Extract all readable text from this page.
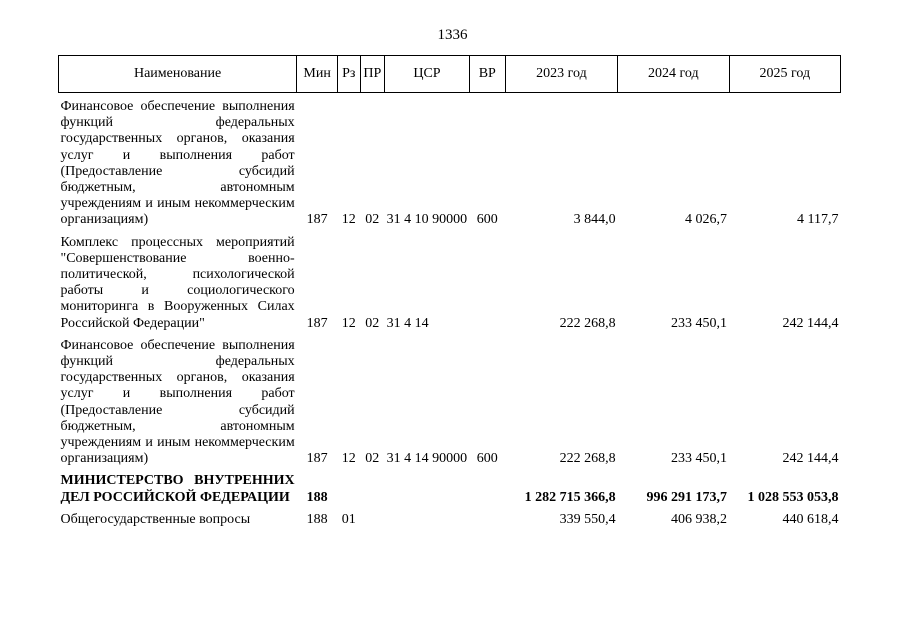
1336
Наименование	Мин	Рз	ПР	ЦСР	ВР	2023 год	2024 год	2025 год

Финансовое обеспечение выполнения функций федеральных государственных органов, оказания услуг и выполнения работ (Предоставление субсидий бюджетным, автономным учреждениям и иным некоммерческим организациям)	187	12	02	31 4 10 90000	600	3 844,0	4 026,7	4 117,7

Комплекс процессных мероприятий "Совершенствование военно-политической, психологической работы и социологического мониторинга в Вооруженных Силах Российской Федерации"	187	12	02	31 4 14		222 268,8	233 450,1	242 144,4

Финансовое обеспечение выполнения функций федеральных государственных органов, оказания услуг и выполнения работ (Предоставление субсидий бюджетным, автономным учреждениям и иным некоммерческим организациям)	187	12	02	31 4 14 90000	600	222 268,8	233 450,1	242 144,4

МИНИСТЕРСТВО ВНУТРЕННИХ ДЕЛ РОССИЙСКОЙ ФЕДЕРАЦИИ	188					1 282 715 366,8	996 291 173,7	1 028 553 053,8

Общегосударственные вопросы	188	01				339 550,4	406 938,2	440 618,4
